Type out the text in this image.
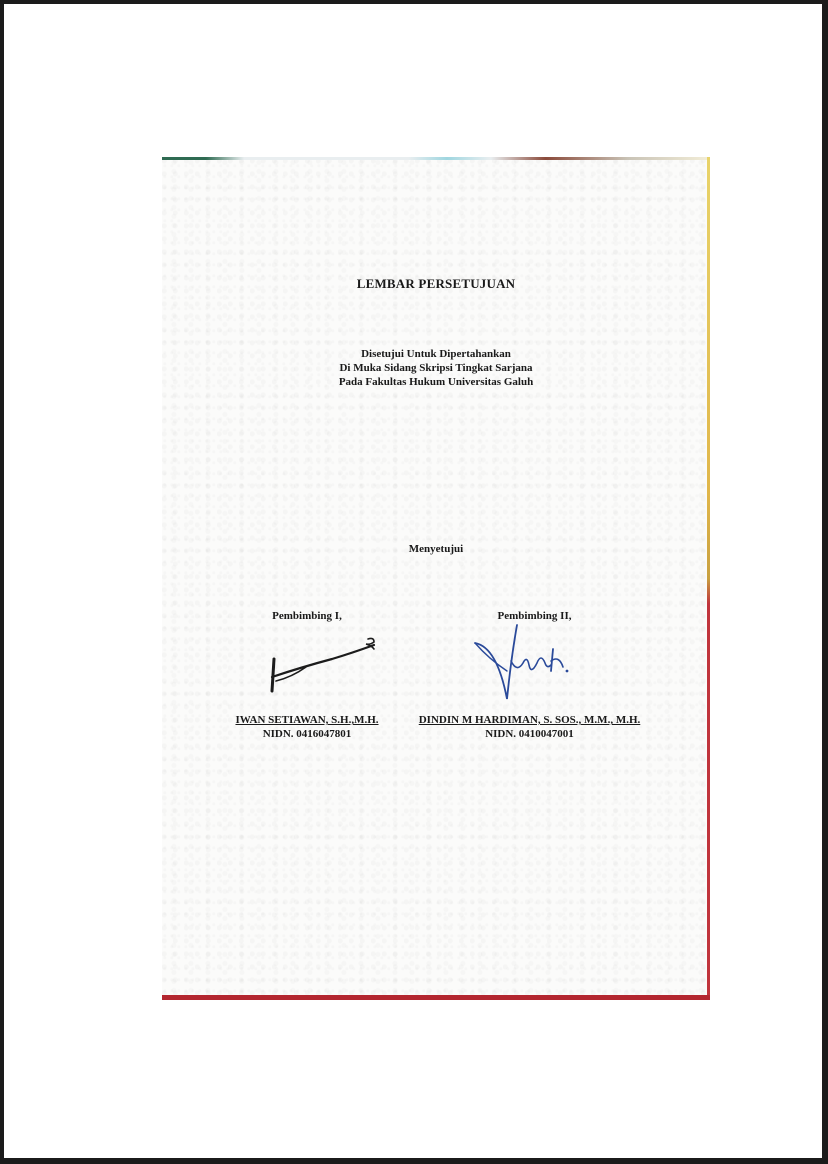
LEMBAR PERSETUJUAN

Disetujui Untuk Dipertahankan

Di Muka Sidang Skripsi Tingkat Sarjana

Pada Fakultas Hukum Universitas Galuh

Menyetujui

Pembimbing I,	Pembimbing II,

IWAN SETIAWAN, S.H.,M.H.

NIDN. 0416047801

DINDIN M HARDIMAN, S. SOS., M.M., M.H.

NIDN. 0410047001
